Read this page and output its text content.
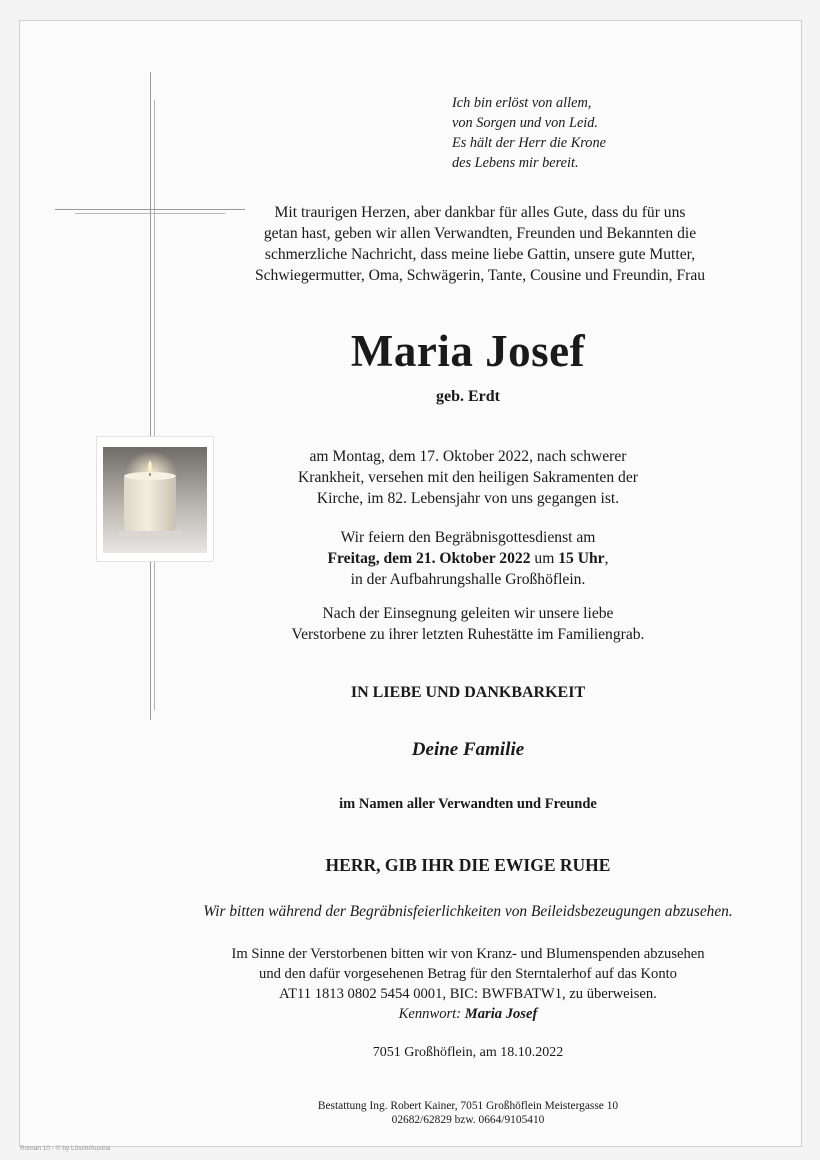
Ich bin erlöst von allem,
von Sorgen und von Leid.
Es hält der Herr die Krone
des Lebens mir bereit.
Mit traurigen Herzen, aber dankbar für alles Gute, dass du für uns
getan hast, geben wir allen Verwandten, Freunden und Bekannten die
schmerzliche Nachricht, dass meine liebe Gattin, unsere gute Mutter,
Schwiegermutter, Oma, Schwägerin, Tante, Cousine und Freundin, Frau
Maria Josef
geb. Erdt
am Montag, dem 17. Oktober 2022, nach schwerer
Krankheit, versehen mit den heiligen Sakramenten der
Kirche, im 82. Lebensjahr von uns gegangen ist.
Wir feiern den Begräbnisgottesdienst am
Freitag, dem 21. Oktober 2022 um 15 Uhr,
in der Aufbahrungshalle Großhöflein.
Nach der Einsegnung geleiten wir unsere liebe
Verstorbene zu ihrer letzten Ruhestätte im Familiengrab.
IN LIEBE UND DANKBARKEIT
Deine Familie
im Namen aller Verwandten und Freunde
HERR, GIB IHR DIE EWIGE RUHE
Wir bitten während der Begräbnisfeierlichkeiten von Beileidsbezeugungen abzusehen.
Im Sinne der Verstorbenen bitten wir von Kranz- und Blumenspenden abzusehen
und den dafür vorgesehenen Betrag für den Sterntalerhof auf das Konto
AT11 1813 0802 5454 0001, BIC: BWFBATW1, zu überweisen.
Kennwort: Maria Josef
7051 Großhöflein, am 18.10.2022
Bestattung Ing. Robert Kainer, 7051 Großhöflein Meistergasse 10
02682/62829 bzw. 0664/9105410
Roman 10 - © by Lösch/Austria
